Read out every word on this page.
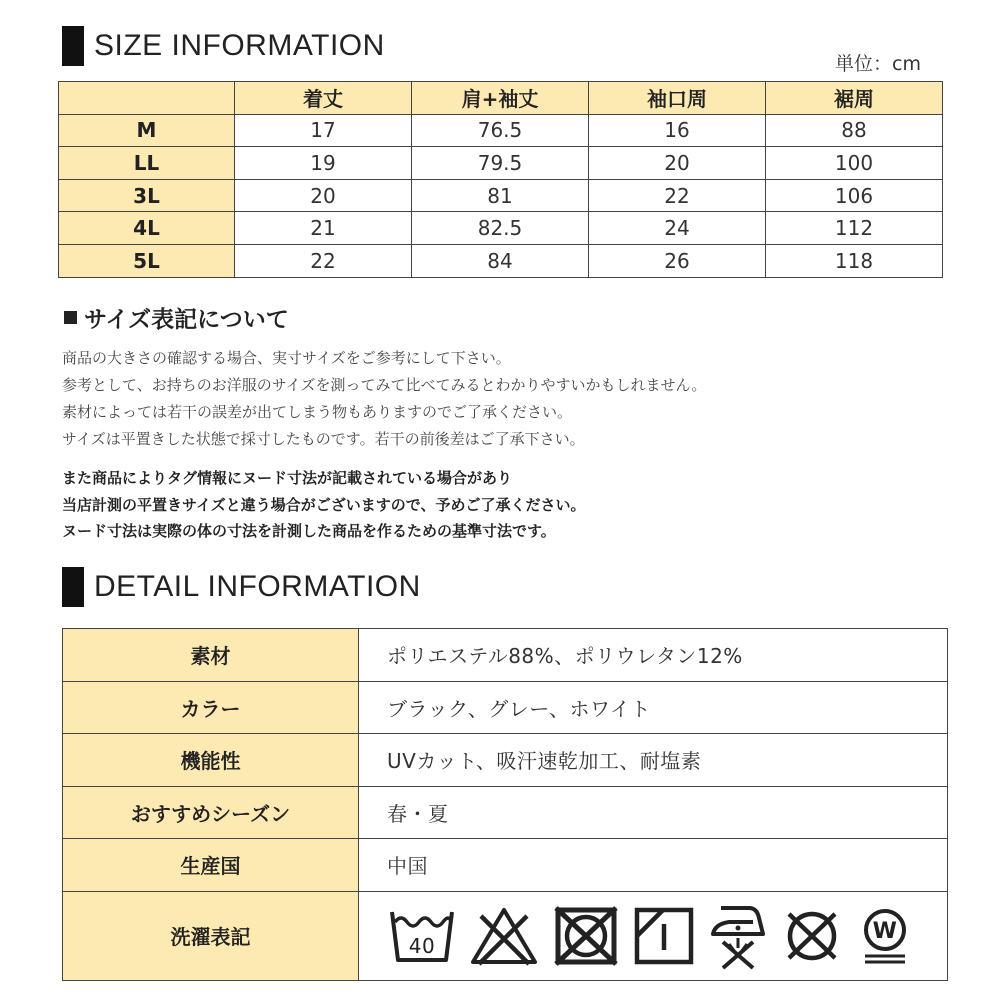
SIZE INFORMATION
単位：cm
	着丈	肩+袖丈	袖口周	裾周
M	17	76.5	16	88
LL	19	79.5	20	100
3L	20	81	22	106
4L	21	82.5	24	112
5L	22	84	26	118
サイズ表記について
商品の大きさの確認する場合、実寸サイズをご参考にして下さい。
参考として、お持ちのお洋服のサイズを測ってみて比べてみるとわかりやすいかもしれません。
素材によっては若干の誤差が出てしまう物もありますのでご了承ください。
サイズは平置きした状態で採寸したものです。若干の前後差はご了承下さい。
また商品によりタグ情報にヌード寸法が記載されている場合があり
当店計測の平置きサイズと違う場合がございますので、予めご了承ください。
ヌード寸法は実際の体の寸法を計測した商品を作るための基準寸法です。
DETAIL INFORMATION
素材	ポリエステル88%、ポリウレタン12%
カラー	ブラック、グレー、ホワイト
機能性	UVカット、吸汗速乾加工、耐塩素
おすすめシーズン	春・夏
生産国	中国
洗濯表記	40
W
